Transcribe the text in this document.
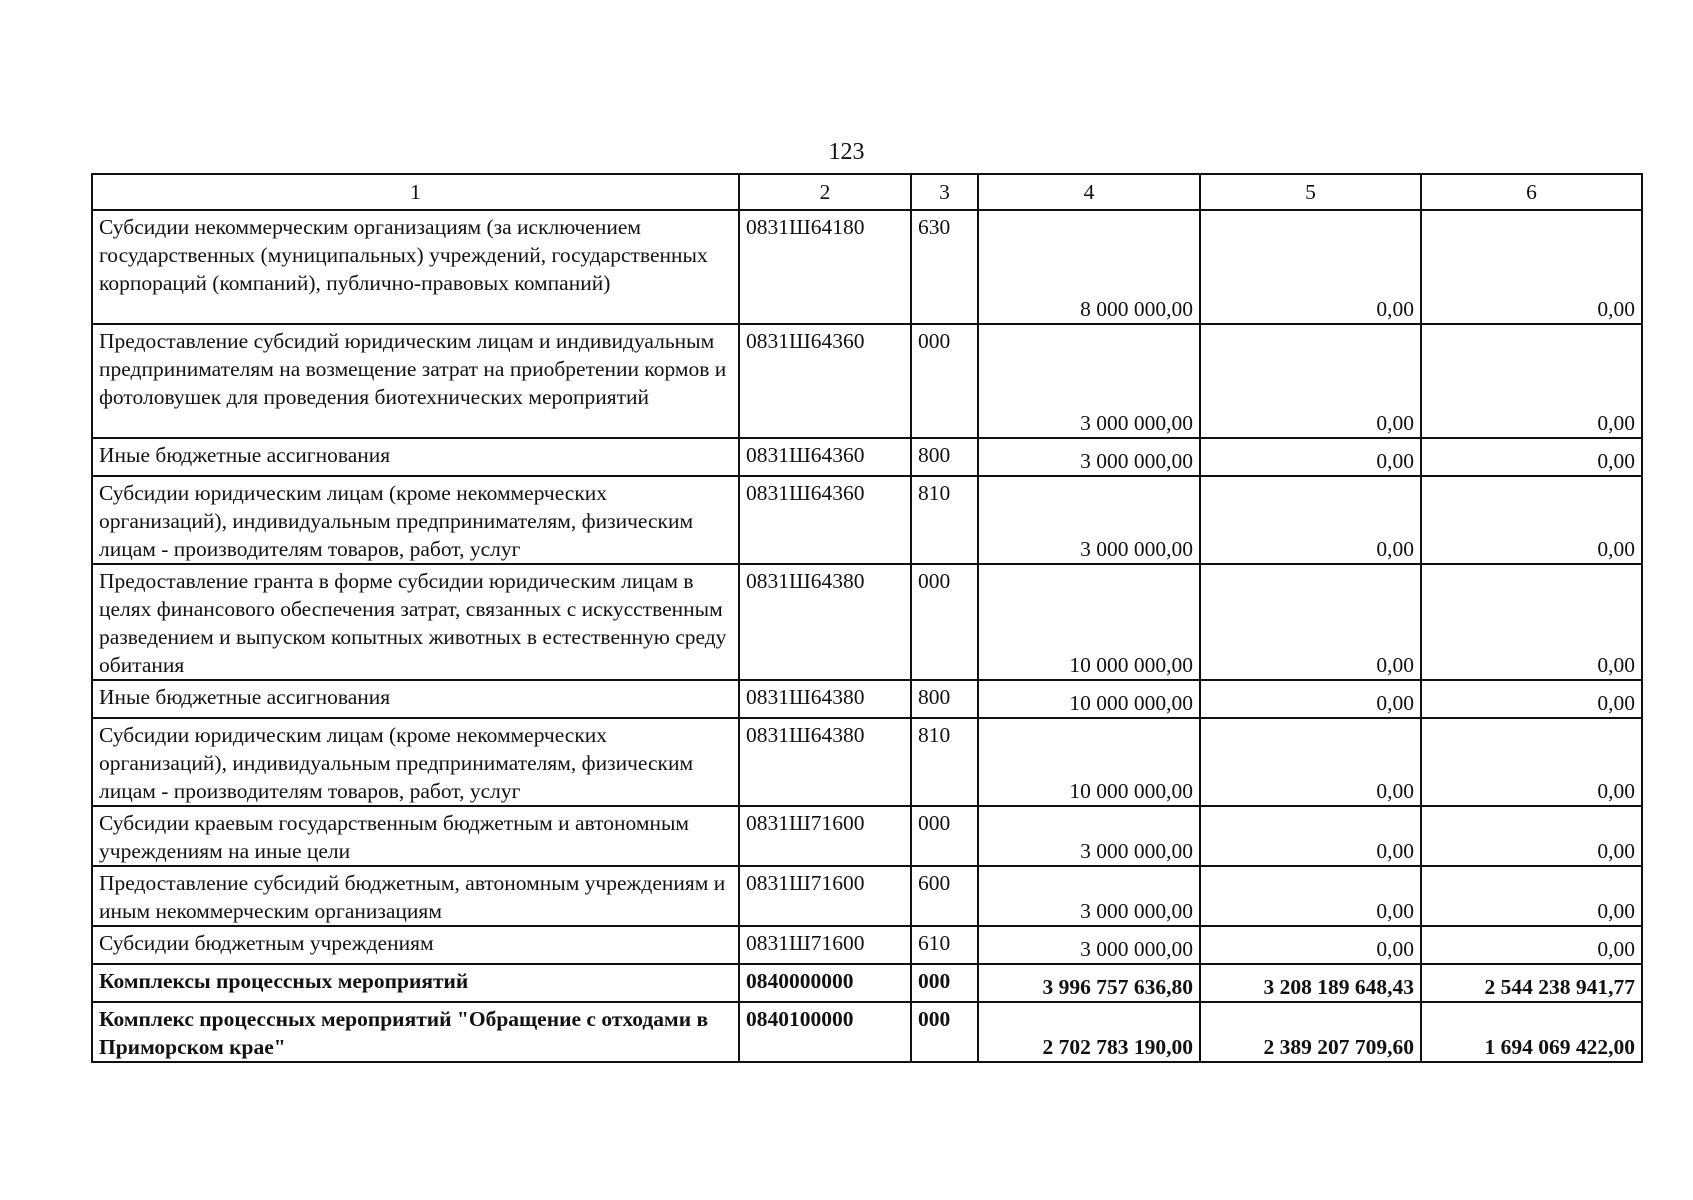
123
1	2	3	4	5	6
Субсидии некоммерческим организациям (за исключением государственных (муниципальных) учреждений, государственных корпораций (компаний), публично-правовых компаний)	0831Ш64180	630	8 000 000,00	0,00	0,00
Предоставление субсидий юридическим лицам и индивидуальным предпринимателям на возмещение затрат на приобретении кормов и фотоловушек для проведения биотехнических мероприятий	0831Ш64360	000	3 000 000,00	0,00	0,00
Иные бюджетные ассигнования	0831Ш64360	800	3 000 000,00	0,00	0,00
Субсидии юридическим лицам (кроме некоммерческих организаций), индивидуальным предпринимателям, физическим лицам - производителям товаров, работ, услуг	0831Ш64360	810	3 000 000,00	0,00	0,00
Предоставление гранта в форме субсидии юридическим лицам в целях финансового обеспечения затрат, связанных с искусственным разведением и выпуском копытных животных в естественную среду обитания	0831Ш64380	000	10 000 000,00	0,00	0,00
Иные бюджетные ассигнования	0831Ш64380	800	10 000 000,00	0,00	0,00
Субсидии юридическим лицам (кроме некоммерческих организаций), индивидуальным предпринимателям, физическим лицам - производителям товаров, работ, услуг	0831Ш64380	810	10 000 000,00	0,00	0,00
Субсидии краевым государственным бюджетным и автономным учреждениям на иные цели	0831Ш71600	000	3 000 000,00	0,00	0,00
Предоставление субсидий бюджетным, автономным учреждениям и иным некоммерческим организациям	0831Ш71600	600	3 000 000,00	0,00	0,00
Субсидии бюджетным учреждениям	0831Ш71600	610	3 000 000,00	0,00	0,00
Комплексы процессных мероприятий	0840000000	000	3 996 757 636,80	3 208 189 648,43	2 544 238 941,77
Комплекс процессных мероприятий "Обращение с отходами в Приморском крае"	0840100000	000	2 702 783 190,00	2 389 207 709,60	1 694 069 422,00
